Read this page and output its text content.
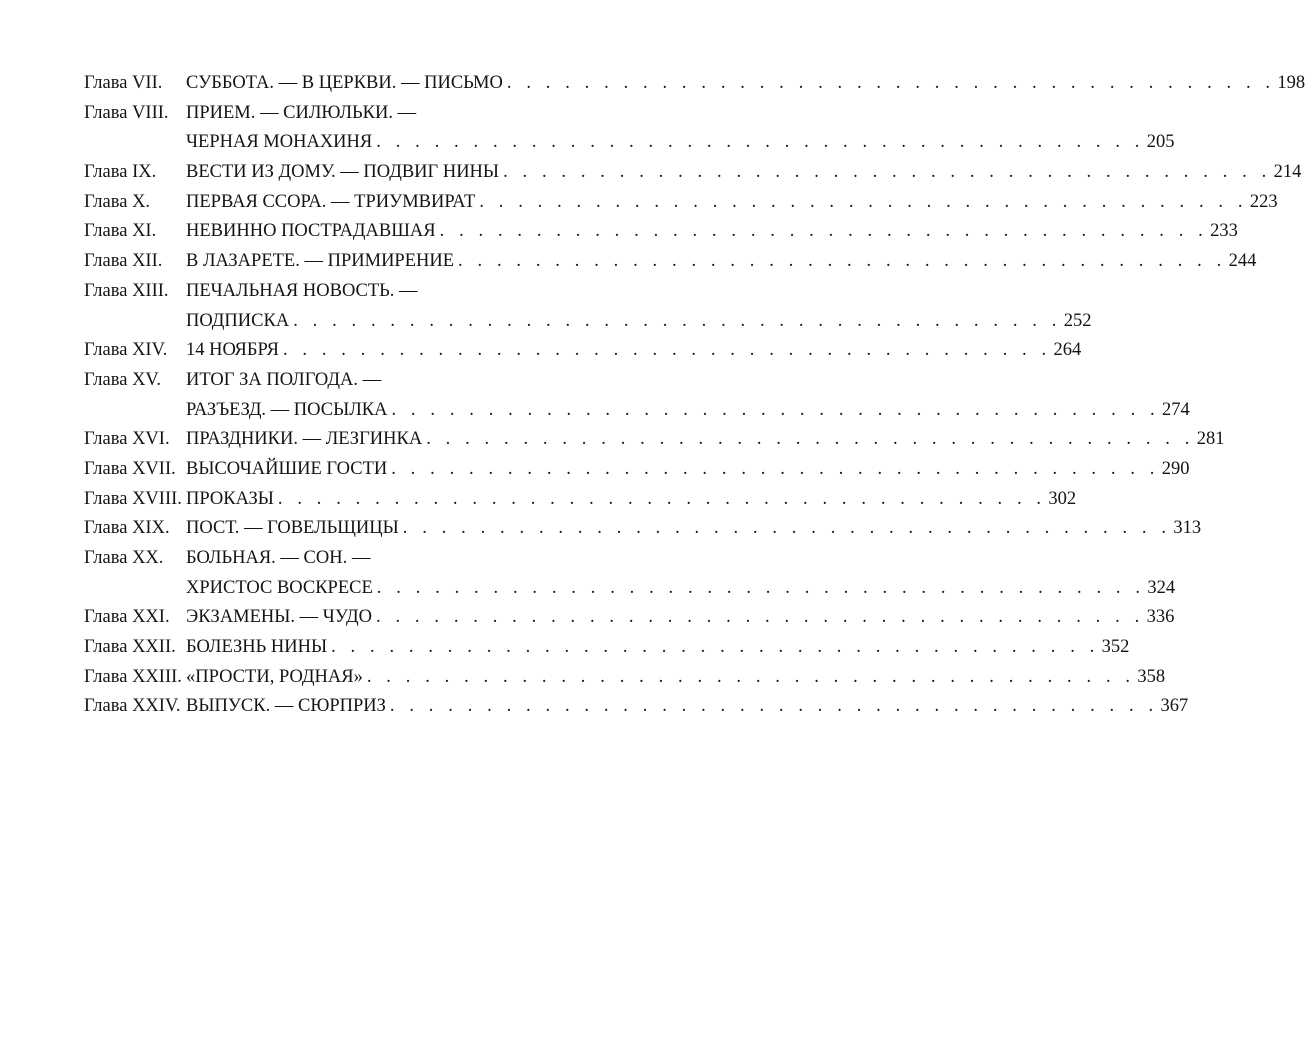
Глава VII.	СУББОТА. — В ЦЕРКВИ. — ПИСЬМО . . . . . . . . . . . . . . . . . . . . . . . . . . . . . . . . . . . . . . . . 198
Глава VIII. ПРИЕМ. — СИЛЮЛЬКИ. —
ЧЕРНАЯ МОНАХИНЯ . . . . . . . . . . . . . . . . . . . . . . . . . . . . . . . . . . . . . . . . 205
Глава IX.	ВЕСТИ ИЗ ДОМУ. — ПОДВИГ НИНЫ . . . . . . . . . . . . . . . . . . . . . . . . . . . . . . . . . . . . . . . . 214
Глава X.	ПЕРВАЯ ССОРА. — ТРИУМВИРАТ . . . . . . . . . . . . . . . . . . . . . . . . . . . . . . . . . . . . . . . . 223
Глава XI.	НЕВИННО ПОСТРАДАВШАЯ . . . . . . . . . . . . . . . . . . . . . . . . . . . . . . . . . . . . . . . . 233
Глава XII.	В ЛАЗАРЕТЕ. — ПРИМИРЕНИЕ . . . . . . . . . . . . . . . . . . . . . . . . . . . . . . . . . . . . . . . . 244
Глава XIII. ПЕЧАЛЬНАЯ НОВОСТЬ. —
ПОДПИСКА . . . . . . . . . . . . . . . . . . . . . . . . . . . . . . . . . . . . . . . . 252
Глава XIV.	14 НОЯБРЯ . . . . . . . . . . . . . . . . . . . . . . . . . . . . . . . . . . . . . . . . 264
Глава XV.	ИТОГ ЗА ПОЛГОДА. —
РАЗЪЕЗД. — ПОСЫЛКА . . . . . . . . . . . . . . . . . . . . . . . . . . . . . . . . . . . . . . . . 274
Глава XVI. ПРАЗДНИКИ. — ЛЕЗГИНКА . . . . . . . . . . . . . . . . . . . . . . . . . . . . . . . . . . . . . . . . 281
Глава XVII. ВЫСОЧАЙШИЕ ГОСТИ . . . . . . . . . . . . . . . . . . . . . . . . . . . . . . . . . . . . . . . . 290
Глава XVIII. ПРОКАЗЫ . . . . . . . . . . . . . . . . . . . . . . . . . . . . . . . . . . . . . . . . 302
Глава XIX. ПОСТ. — ГОВЕЛЬЩИЦЫ . . . . . . . . . . . . . . . . . . . . . . . . . . . . . . . . . . . . . . . . 313
Глава XX.	БОЛЬНАЯ. — СОН. —
ХРИСТОС ВОСКРЕСЕ . . . . . . . . . . . . . . . . . . . . . . . . . . . . . . . . . . . . . . . . 324
Глава XXI. ЭКЗАМЕНЫ. — ЧУДО . . . . . . . . . . . . . . . . . . . . . . . . . . . . . . . . . . . . . . . . 336
Глава XXII. БОЛЕЗНЬ НИНЫ . . . . . . . . . . . . . . . . . . . . . . . . . . . . . . . . . . . . . . . . 352
Глава XXIII. «ПРОСТИ, РОДНАЯ» . . . . . . . . . . . . . . . . . . . . . . . . . . . . . . . . . . . . . . . . 358
Глава XXIV. ВЫПУСК. — СЮРПРИЗ . . . . . . . . . . . . . . . . . . . . . . . . . . . . . . . . . . . . . . . . 367
